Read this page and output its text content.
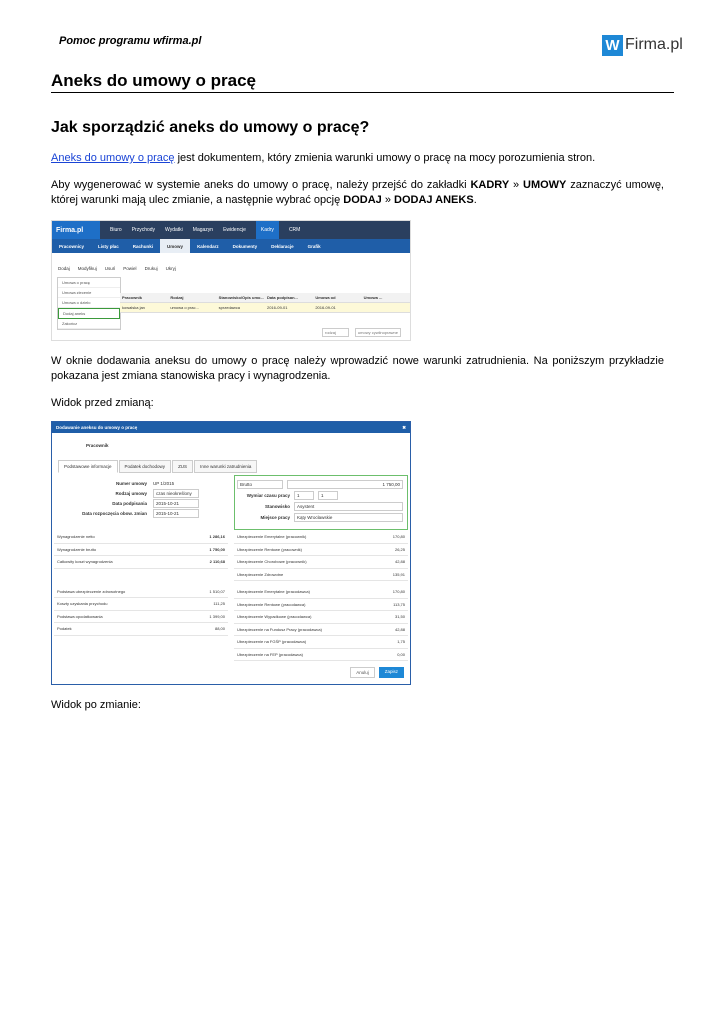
Pomoc programu wfirma.pl	W Firma.pl
Aneks do umowy o pracę
Jak sporządzić aneks do umowy o pracę?
Aneks do umowy o pracę jest dokumentem, który zmienia warunki umowy o pracę na mocy porozumienia stron.
Aby wygenerować w systemie aneks do umowy o pracę, należy przejść do zakładki KADRY » UMOWY zaznaczyć umowę, której warunki mają ulec zmianie, a następnie wybrać opcję DODAJ » DODAJ ANEKS.
Firma.pl	Biuro Przychody Wydatki Magazyn Ewidencje	Kadry	CRM
Pracownicy	Listy płac	Rachunki	Umowy	Kalendarz	Dokumenty	Deklaracje	Grafik
Dodaj Modyfikuj Usuń Powiel Drukuj Ukryj
Umowa o pracę
Umowa zlecenie
Umowa o dzieło
Dodaj aneks
Zakończ
Pracownik	Rodzaj	Stanowisko/Opis umo... Data podpisan...	Umowa od	Umowa ...
kowalska jan	umowa o prac...	sprzedawca	2016-09-01	2016-09-01
rodzaj	umowy cywilnoprawne
W oknie dodawania aneksu do umowy o pracę należy wprowadzić nowe warunki zatrudnienia. Na poniższym przykładzie pokazana jest zmiana stanowiska pracy i wynagrodzenia.
Widok przed zmianą:
Dodawanie aneksu do umowy o pracę	✖
Pracownik
Podstawowe informacje	Podatek dochodowy	ZUS	Inne warunki zatrudnienia
Numer umowy	UP 1/2015
Rodzaj umowy	czas nieokreślony
Data podpisania	2015-10-21
Data rozpoczęcia obow. zmian	2015-10-21
Brutto	1 750,00
Wymiar czasu pracy	1	1
Stanowisko	Asystent
Miejsce pracy	Kąty Wrocławskie
Wynagrodzenie netto	1 286,16
Wynagrodzenie brutto	1 750,00
Całkowity koszt wynagrodzenia	2 110,68
Podstawa ubezpieczenie zdrowotnego	1 510,07
Koszty uzyskania przychodu	111,25
Podstawa opodatkowania	1 399,00
Podatek	88,00
Ubezpieczenie Emerytalne (pracownik)	170,80
Ubezpieczenie Rentowe (pracownik)	26,25
Ubezpieczenie Chorobowe (pracownik)	42,88
Ubezpieczenie Zdrowotne	135,91
Ubezpieczenie Emerytalne (pracodawca)	170,80
Ubezpieczenie Rentowe (pracodawca)	113,75
Ubezpieczenie Wypadkowe (pracodawca)	31,50
Ubezpieczenie na Fundusz Pracy (pracodawca)	42,88
Ubezpieczenie na FGŚP (pracodawca)	1,75
Ubezpieczenie na FEP (pracodawca)	0,00
Anuluj	Zapisz
Widok po zmianie:
